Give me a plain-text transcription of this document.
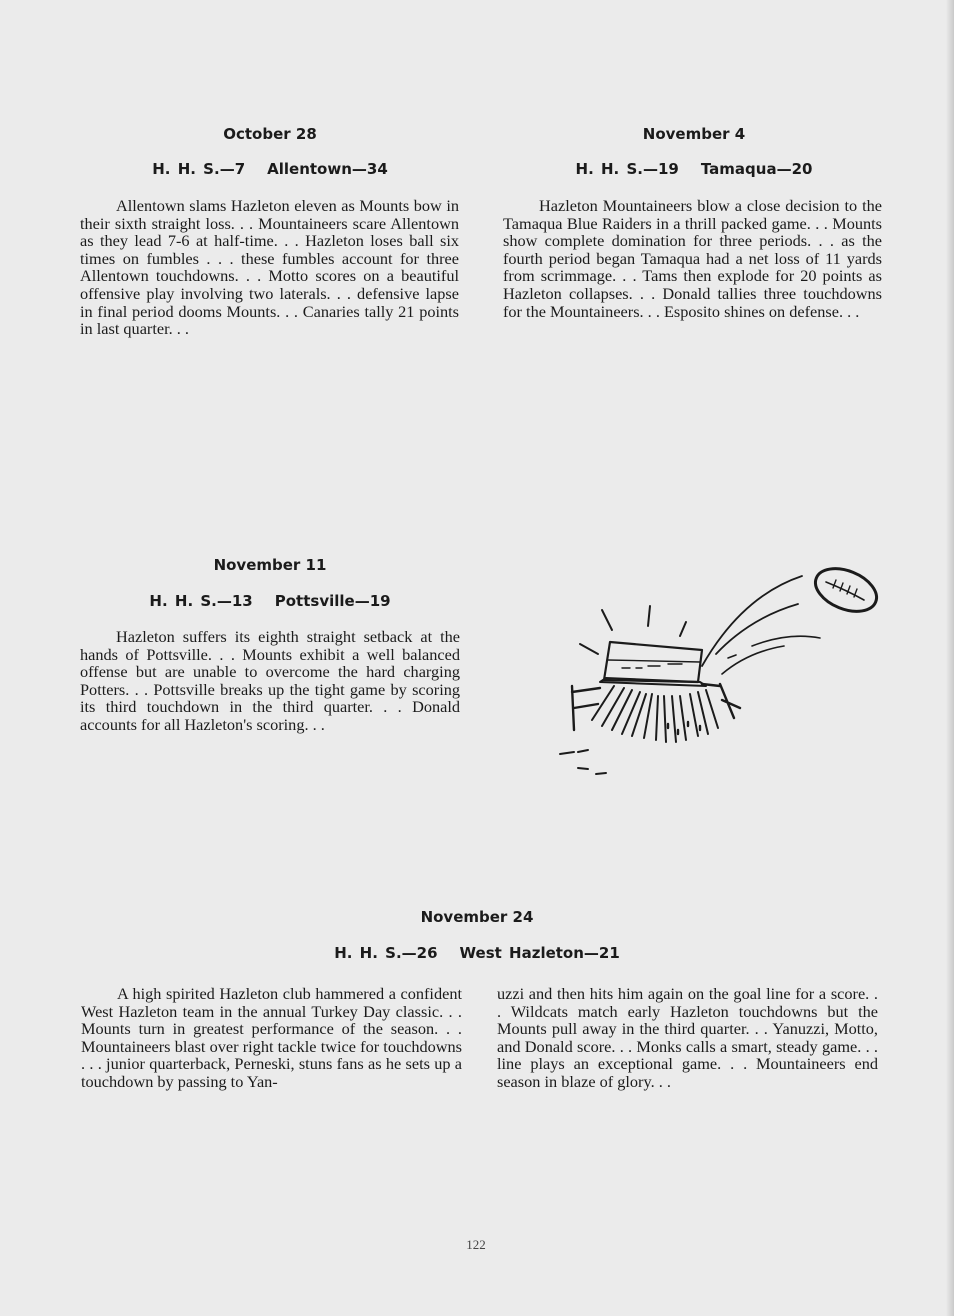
October 28
H. H. S.—7 Allentown—34

Allentown slams Hazleton eleven as Mounts bow in their sixth straight loss. . . Mountaineers scare Allentown as they lead 7-6 at half-time. . . Hazleton loses ball six times on fumbles . . . these fumbles account for three Allentown touchdowns. . . Motto scores on a beautiful offensive play involving two laterals. . . defensive lapse in final period dooms Mounts. . . Canaries tally 21 points in last quarter. . .

November 4
H. H. S.—19 Tamaqua—20

Hazleton Mountaineers blow a close decision to the Tamaqua Blue Raiders in a thrill packed game. . . Mounts show complete domination for three periods. . . as the fourth period began Tamaqua had a net loss of 11 yards from scrimmage. . . Tams then explode for 20 points as Hazleton collapses. . . Donald tallies three touchdowns for the Mountaineers. . . Esposito shines on defense. . .

November 11
H. H. S.—13 Pottsville—19

Hazleton suffers its eighth straight setback at the hands of Pottsville. . . Mounts exhibit a well balanced offense but are unable to overcome the hard charging Potters. . . Pottsville breaks up the tight game by scoring its third touchdown in the third quarter. . . Donald accounts for all Hazleton's scoring. . .

November 24
H. H. S.—26 West Hazleton—21

A high spirited Hazleton club hammered a confident West Hazleton team in the annual Turkey Day classic. . . Mounts turn in greatest performance of the season. . . Mountaineers blast over right tackle twice for touchdowns . . . junior quarterback, Perneski, stuns fans as he sets up a touchdown by passing to Yan-

uzzi and then hits him again on the goal line for a score. . . Wildcats match early Hazleton touchdowns but the Mounts pull away in the third quarter. . . Yanuzzi, Motto, and Donald score. . . Monks calls a smart, steady game. . . line plays an exceptional game. . . Mountaineers end season in blaze of glory. . .

122
